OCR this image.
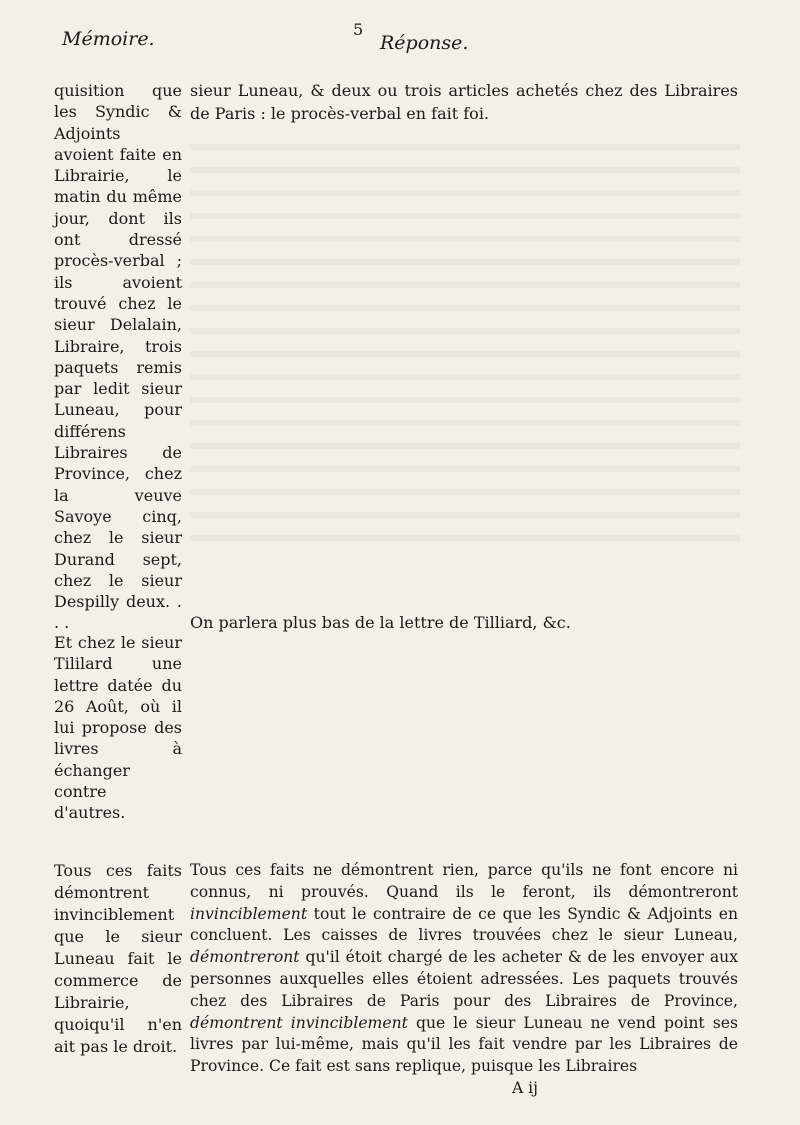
Mémoire.	5
Réponse.
quisition que les Syndic & Adjoints avoient faite en Librairie, le matin du même jour, dont ils ont dressé procès-verbal ; ils avoient trouvé chez le sieur Delalain, Libraire, trois paquets remis par ledit sieur Luneau, pour différens Libraires de Province, chez la veuve Savoye cinq, chez le sieur Durand sept, chez le sieur Despilly deux. . . .
Et chez le sieur Tililard une lettre datée du 26 Août, où il lui propose des livres à échanger contre d'autres.
Tous ces faits démontrent invinciblement que le sieur Luneau fait le commerce de Librairie, quoiqu'il n'en ait pas le droit.
sieur Luneau, & deux ou trois articles achetés chez des Libraires de Paris : le procès-verbal en fait foi.
On parlera plus bas de la lettre de Tilliard, &c.
Tous ces faits ne démontrent rien, parce qu'ils ne font encore ni connus, ni prouvés. Quand ils le feront, ils démontreront invinciblement tout le contraire de ce que les Syndic & Adjoints en concluent. Les caisses de livres trouvées chez le sieur Luneau, démontreront qu'il étoit chargé de les acheter & de les envoyer aux personnes auxquelles elles étoient adressées. Les paquets trouvés chez des Libraires de Paris pour des Libraires de Province, démontrent invinciblement que le sieur Luneau ne vend point ses livres par lui-même, mais qu'il les fait vendre par les Libraires de Province. Ce fait est sans replique, puisque les Libraires
A ij
